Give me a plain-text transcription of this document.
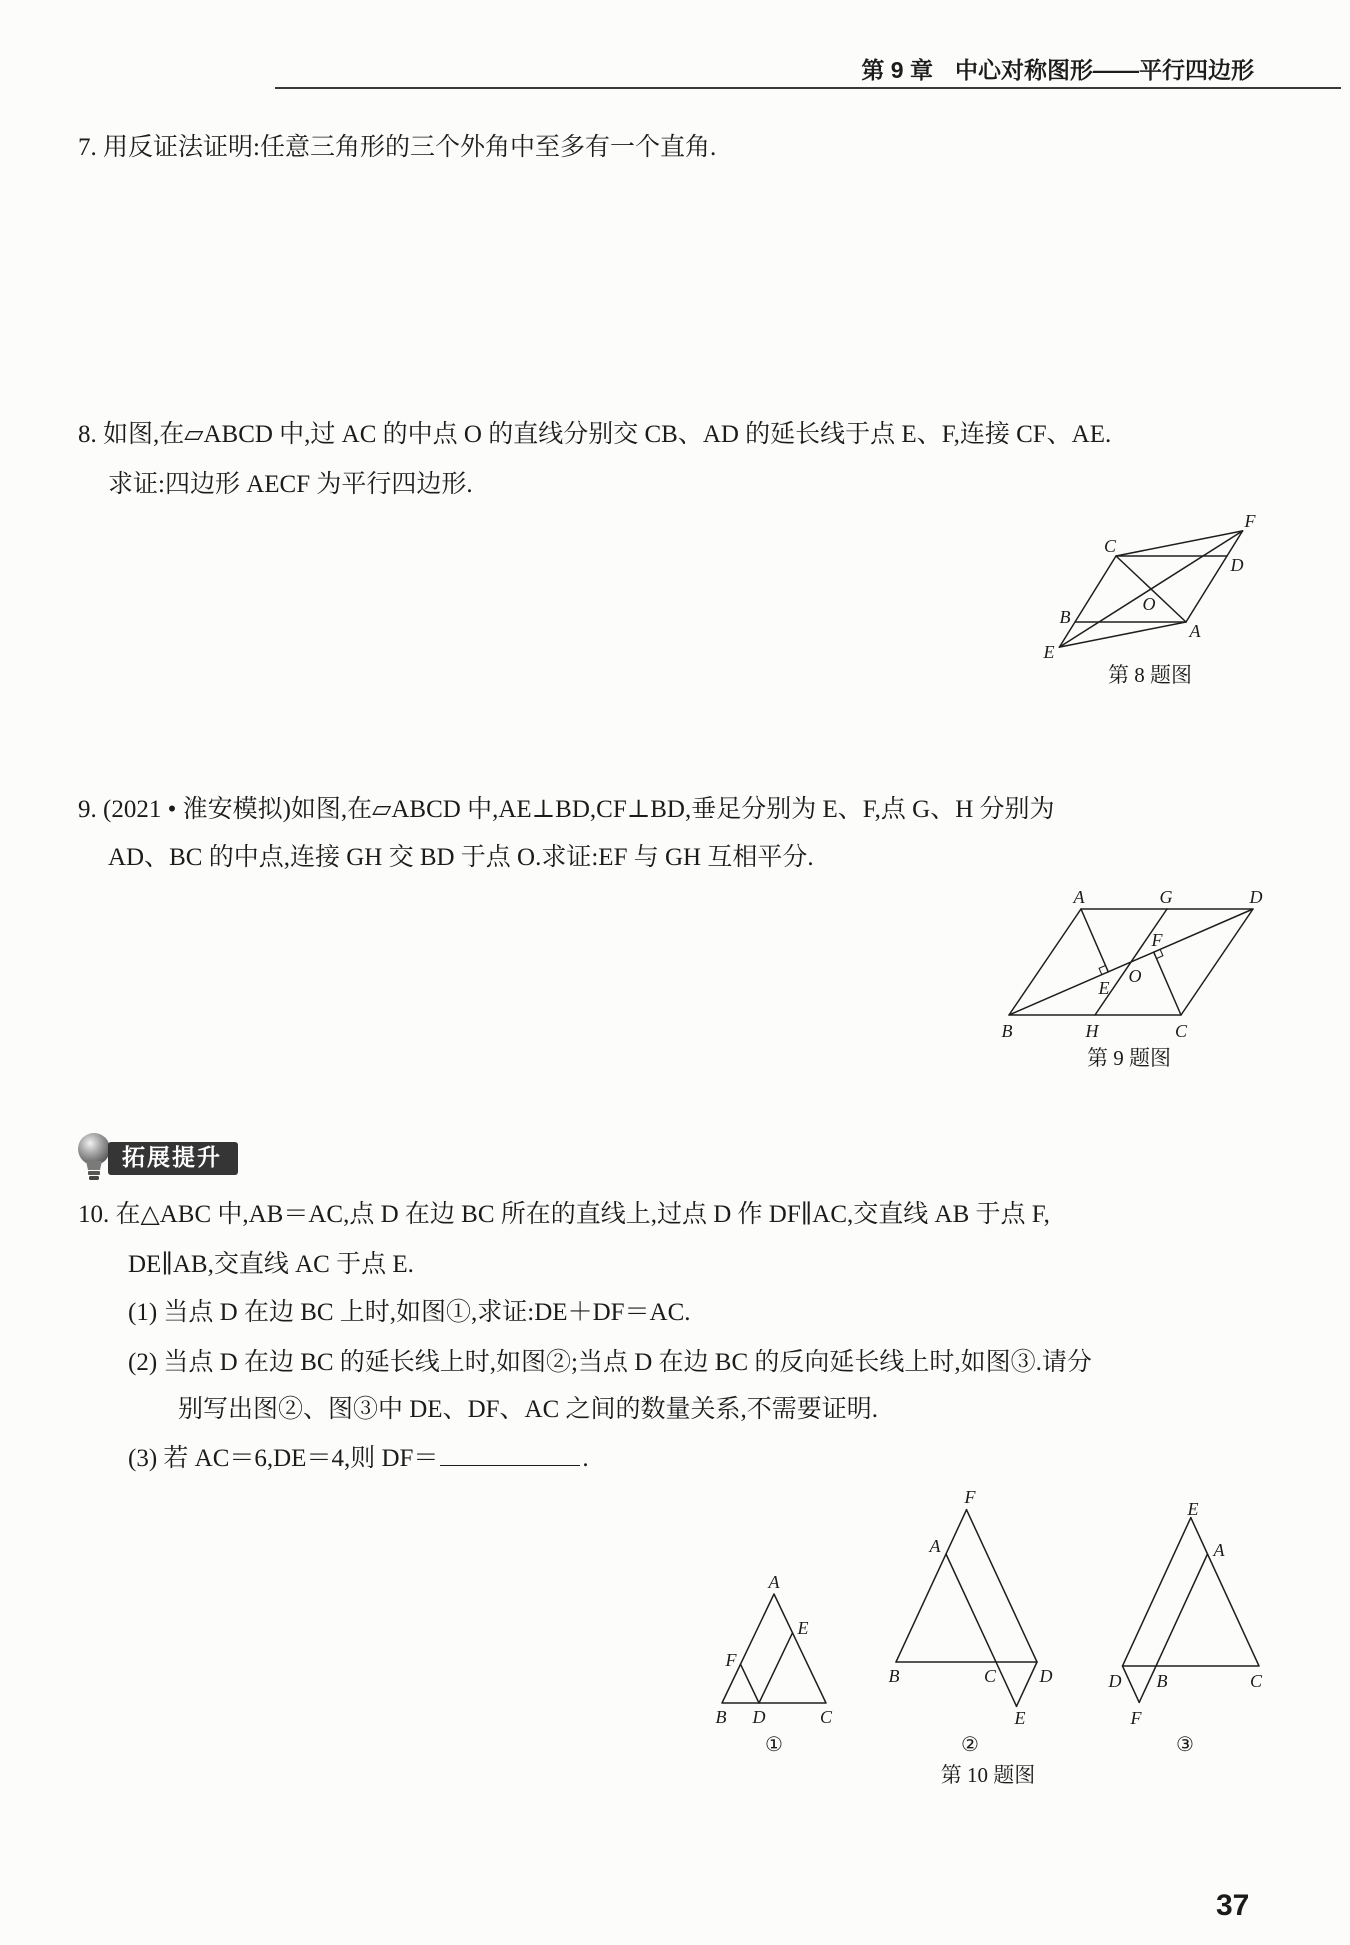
第 9 章 中心对称图形——平行四边形
7. 用反证法证明:任意三角形的三个外角中至多有一个直角.
8. 如图,在▱ABCD 中,过 AC 的中点 O 的直线分别交 CB、AD 的延长线于点 E、F,连接 CF、AE.
求证:四边形 AECF 为平行四边形.
A
B
C
D
E
F
O
第 8 题图
9. (2021 • 淮安模拟)如图,在▱ABCD 中,AE⊥BD,CF⊥BD,垂足分别为 E、F,点 G、H 分别为
AD、BC 的中点,连接 GH 交 BD 于点 O.求证:EF 与 GH 互相平分.
A
B	C
D
E
F
G
H
O
第 9 题图
拓展提升
10. 在△ABC 中,AB＝AC,点 D 在边 BC 所在的直线上,过点 D 作 DF∥AC,交直线 AB 于点 F,
DE∥AB,交直线 AC 于点 E.
(1) 当点 D 在边 BC 上时,如图①,求证:DE＋DF＝AC.
(2) 当点 D 在边 BC 的延长线上时,如图②;当点 D 在边 BC 的反向延长线上时,如图③.请分
别写出图②、图③中 DE、DF、AC 之间的数量关系,不需要证明.
(3) 若 AC＝6,DE＝4,则 DF＝	.
A
B	C
D
E
F
①
A
B	C D
E
F
②
A
B	C
D
E
F
③
第 10 题图
37
